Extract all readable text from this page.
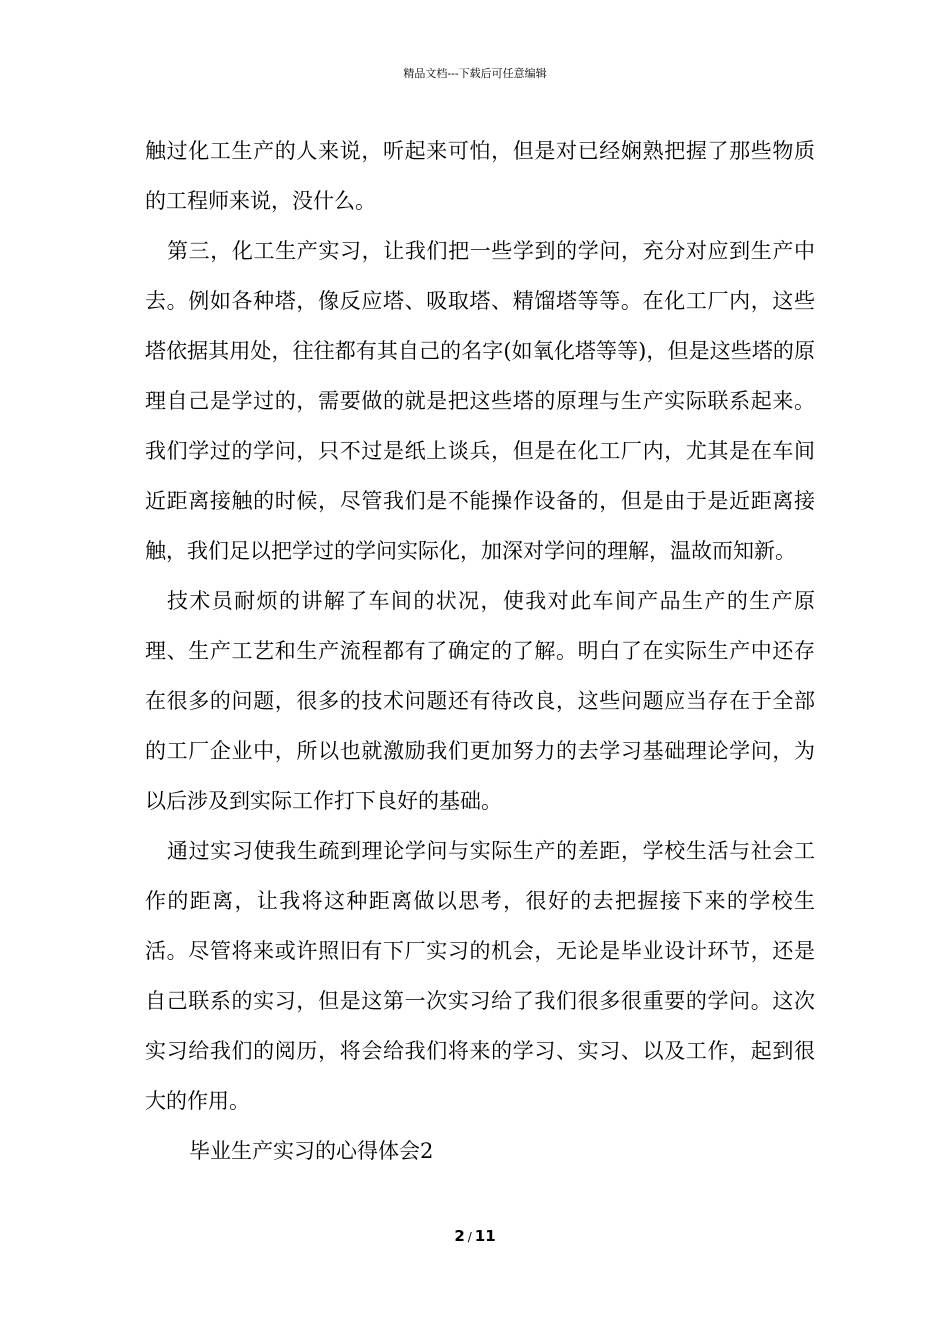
精品文档---下载后可任意编辑

触过化工生产的人来说，听起来可怕，但是对已经娴熟把握了那些物质的工程师来说，没什么。

第三，化工生产实习，让我们把一些学到的学问，充分对应到生产中去。例如各种塔，像反应塔、吸取塔、精馏塔等等。在化工厂内，这些塔依据其用处，往往都有其自己的名字(如氧化塔等等)，但是这些塔的原理自己是学过的，需要做的就是把这些塔的原理与生产实际联系起来。我们学过的学问，只不过是纸上谈兵，但是在化工厂内，尤其是在车间近距离接触的时候，尽管我们是不能操作设备的，但是由于是近距离接触，我们足以把学过的学问实际化，加深对学问的理解，温故而知新。

技术员耐烦的讲解了车间的状况，使我对此车间产品生产的生产原理、生产工艺和生产流程都有了确定的了解。明白了在实际生产中还存在很多的问题，很多的技术问题还有待改良，这些问题应当存在于全部的工厂企业中，所以也就激励我们更加努力的去学习基础理论学问，为以后涉及到实际工作打下良好的基础。

通过实习使我生疏到理论学问与实际生产的差距，学校生活与社会工作的距离，让我将这种距离做以思考，很好的去把握接下来的学校生活。尽管将来或许照旧有下厂实习的机会，无论是毕业设计环节，还是自己联系的实习，但是这第一次实习给了我们很多很重要的学问。这次实习给我们的阅历，将会给我们将来的学习、实习、以及工作，起到很大的作用。

毕业生产实习的心得体会2

2 / 11
